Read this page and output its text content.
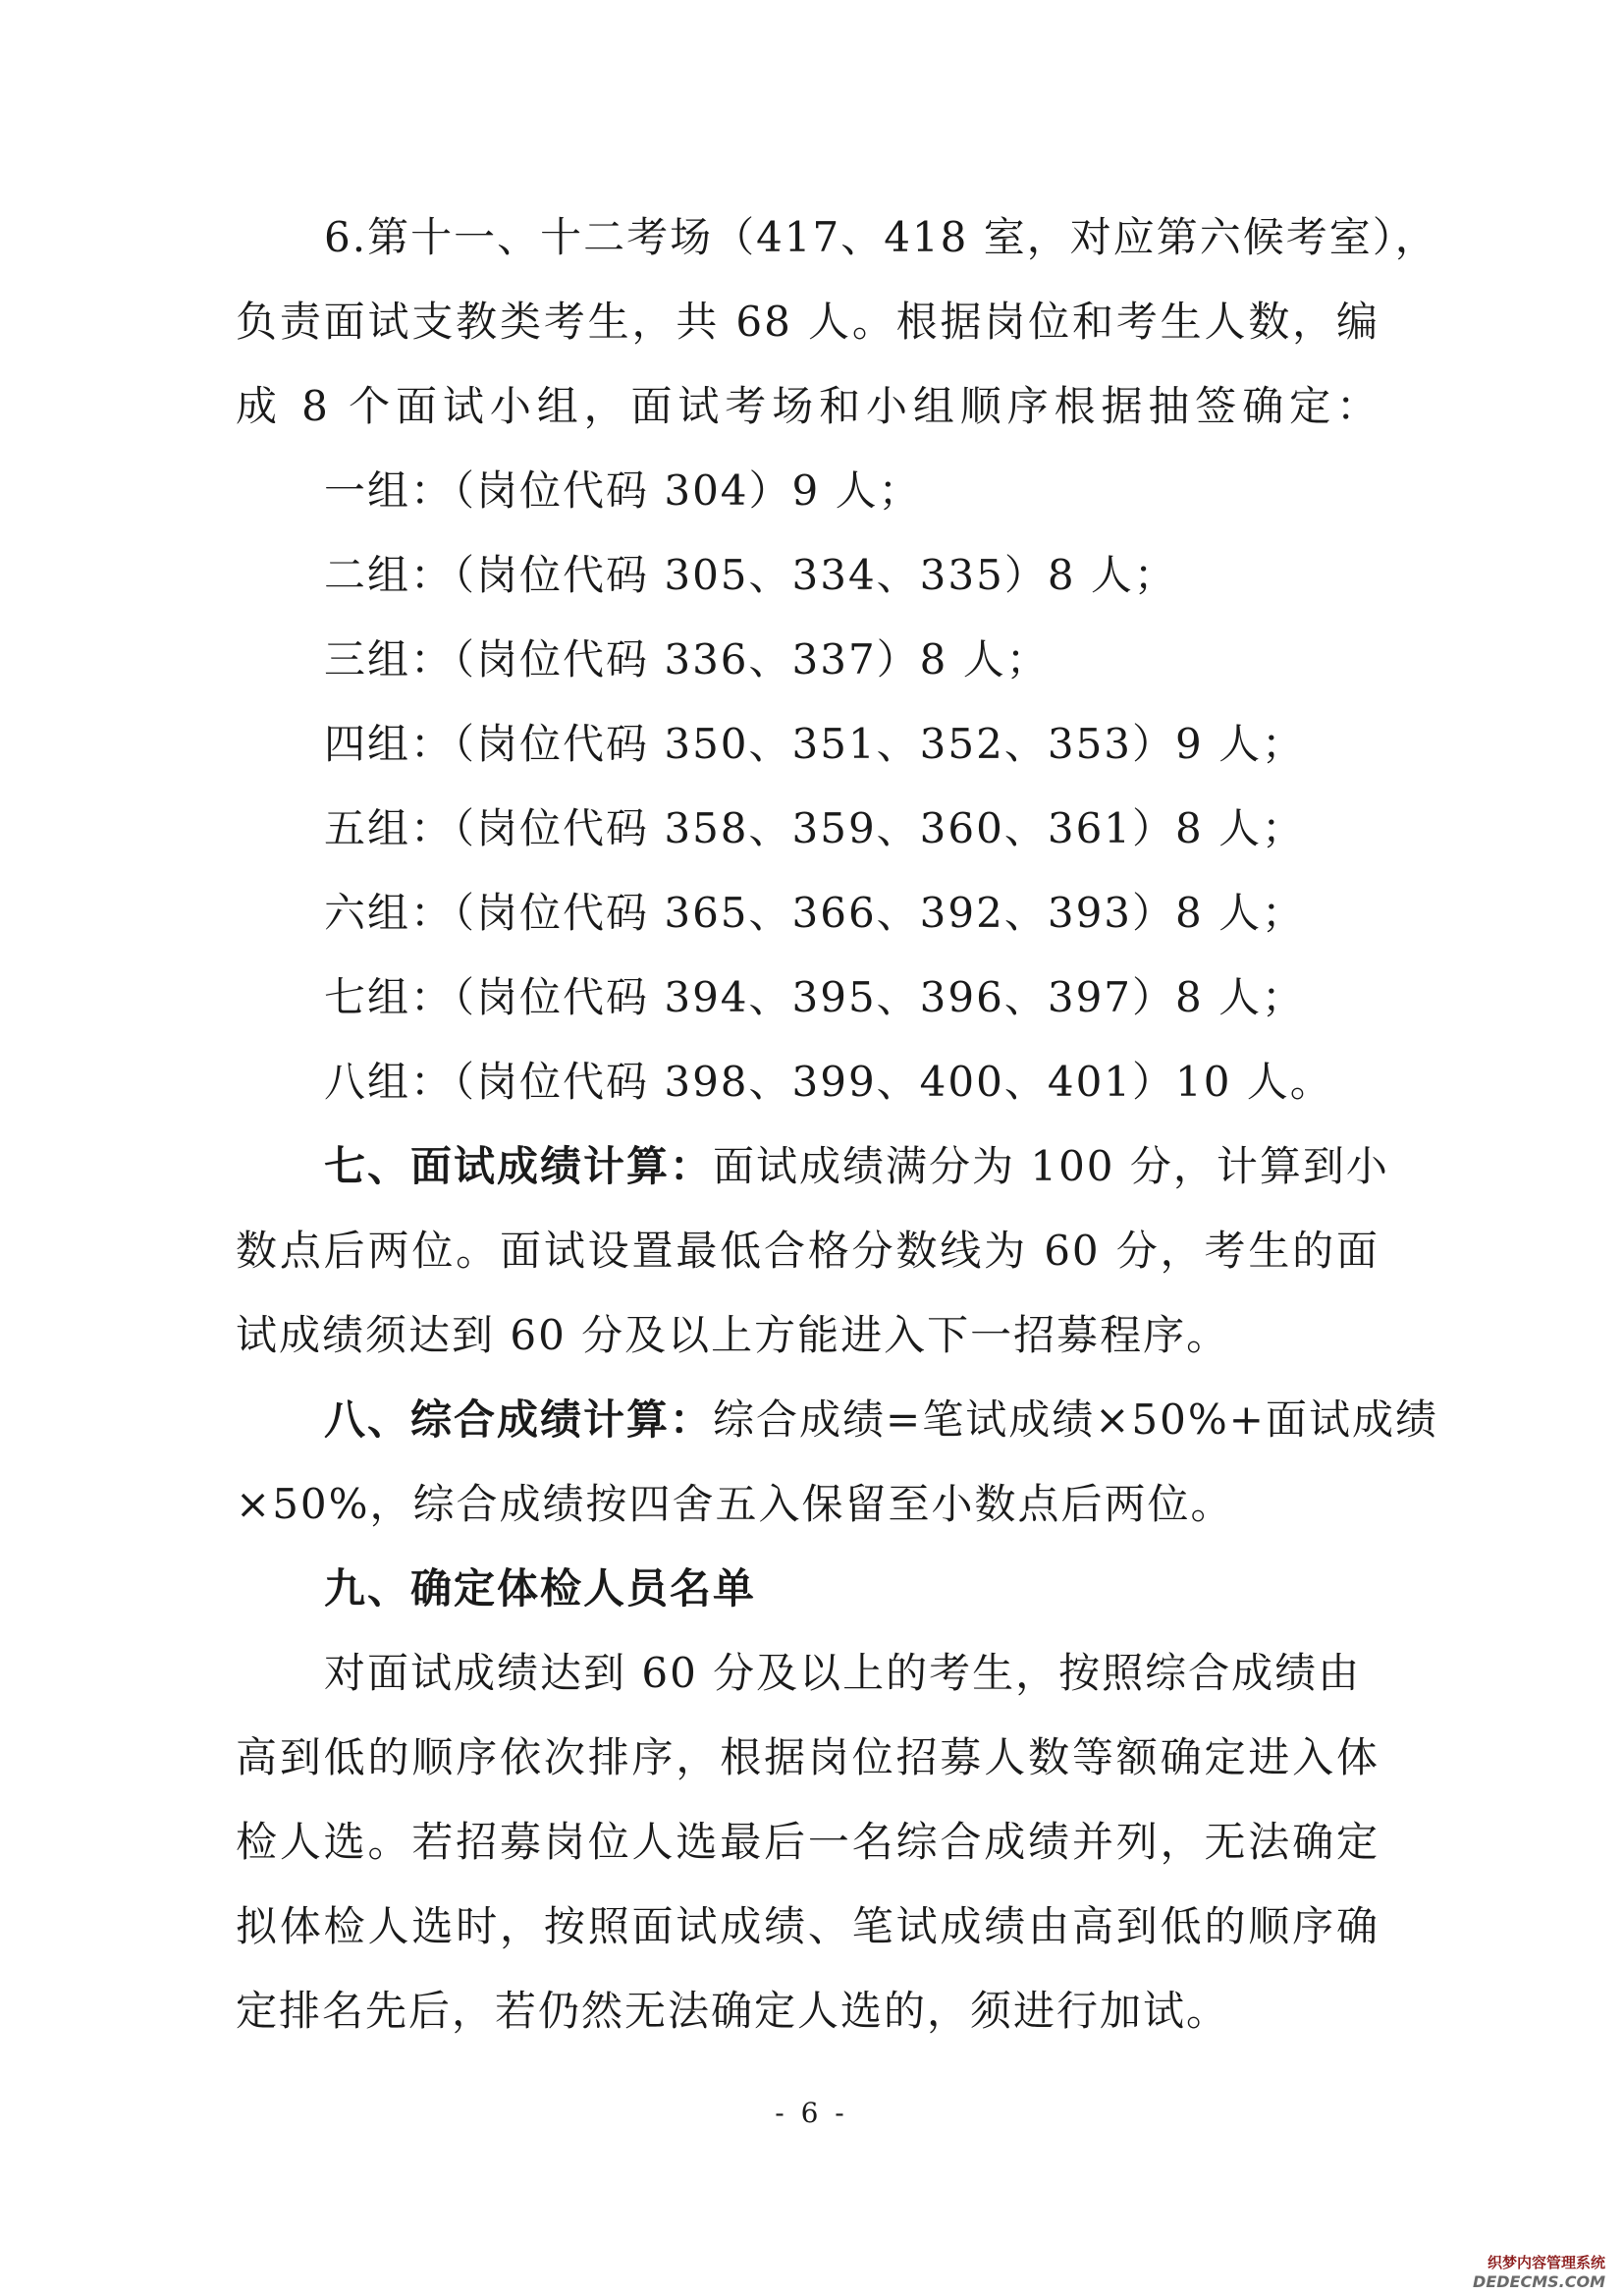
6.第十一、十二考场（417、418 室，对应第六候考室），
负责面试支教类考生，共 68 人。根据岗位和考生人数，编
成 8 个面试小组，面试考场和小组顺序根据抽签确定：
一组：（岗位代码 304）9 人；
二组：（岗位代码 305、334、335）8 人；
三组：（岗位代码 336、337）8 人；
四组：（岗位代码 350、351、352、353）9 人；
五组：（岗位代码 358、359、360、361）8 人；
六组：（岗位代码 365、366、392、393）8 人；
七组：（岗位代码 394、395、396、397）8 人；
八组：（岗位代码 398、399、400、401）10 人。
七、面试成绩计算：面试成绩满分为 100 分，计算到小
数点后两位。面试设置最低合格分数线为 60 分，考生的面
试成绩须达到 60 分及以上方能进入下一招募程序。
八、综合成绩计算：综合成绩=笔试成绩×50%+面试成绩
×50%，综合成绩按四舍五入保留至小数点后两位。
九、确定体检人员名单
对面试成绩达到 60 分及以上的考生，按照综合成绩由
高到低的顺序依次排序，根据岗位招募人数等额确定进入体
检人选。若招募岗位人选最后一名综合成绩并列，无法确定
拟体检人选时，按照面试成绩、笔试成绩由高到低的顺序确
定排名先后，若仍然无法确定人选的，须进行加试。
- 6 -
织梦内容管理系统
DEDECMS.COM
